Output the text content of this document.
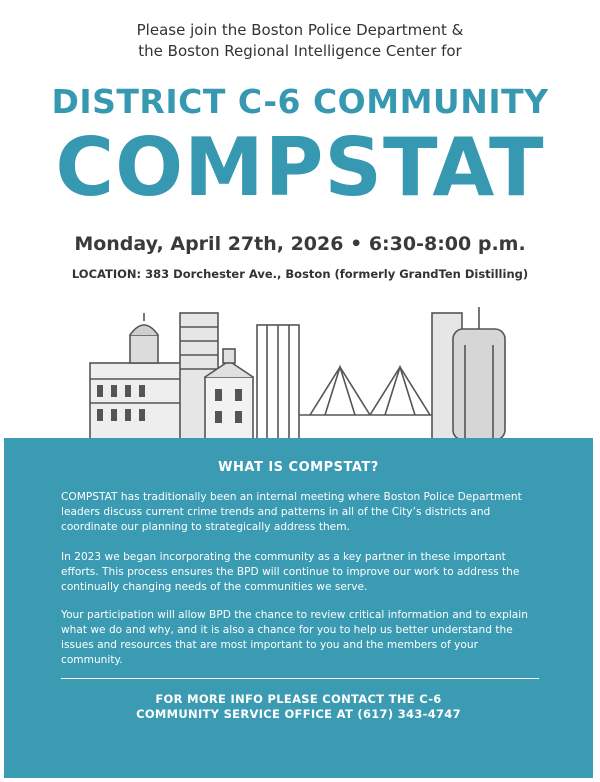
Please join the Boston Police Department &
the Boston Regional Intelligence Center for
DISTRICT C-6 COMMUNITY
COMPSTAT
Monday, April 27th, 2026 • 6:30-8:00 p.m.
LOCATION: 383 Dorchester Ave., Boston (formerly GrandTen Distilling)
WHAT IS COMPSTAT?

COMPSTAT has traditionally been an internal meeting where Boston Police Department leaders discuss current crime trends and patterns in all of the City’s districts and coordinate our planning to strategically address them.

In 2023 we began incorporating the community as a key partner in these important efforts. This process ensures the BPD will continue to improve our work to address the continually changing needs of the communities we serve.

Your participation will allow BPD the chance to review critical information and to explain what we do and why, and it is also a chance for you to help us better understand the issues and resources that are most important to you and the members of your community.

FOR MORE INFO PLEASE CONTACT THE C-6
COMMUNITY SERVICE OFFICE AT (617) 343-4747
